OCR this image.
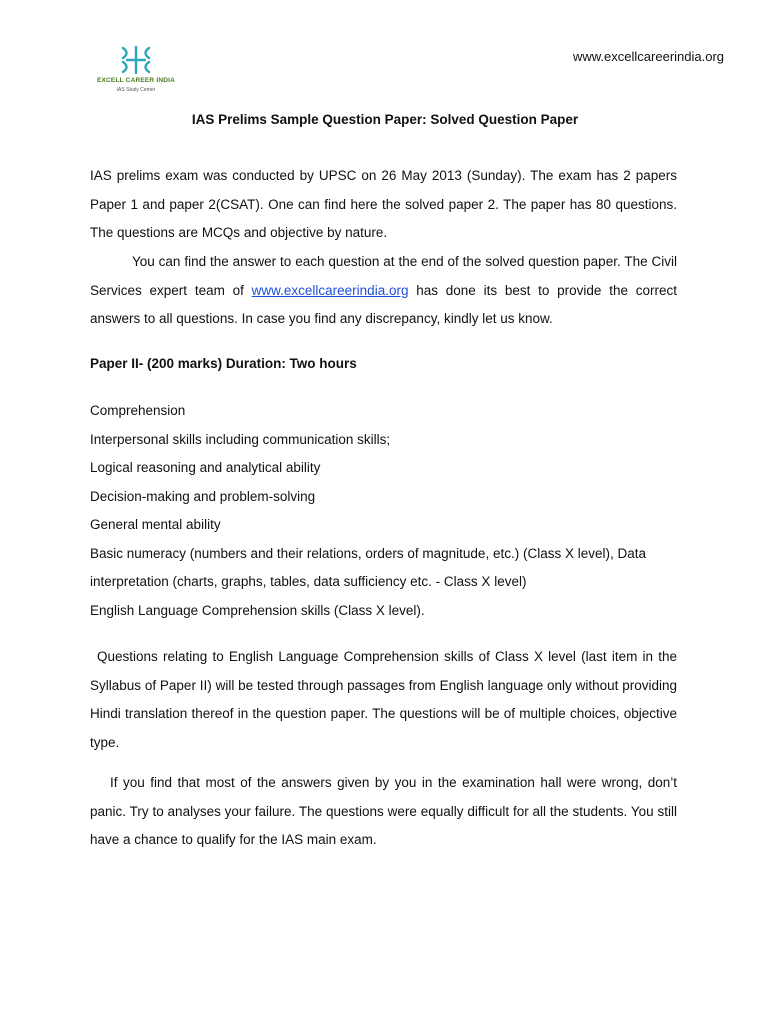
EXCELL CAREER INDIA
IAS Study Center
www.excellcareerindia.org
IAS Prelims Sample Question Paper: Solved Question Paper

IAS prelims exam was conducted by UPSC on 26 May 2013 (Sunday). The exam has 2 papers Paper 1 and paper 2(CSAT). One can find here the solved paper 2. The paper has 80 questions. The questions are MCQs and objective by nature.

You can find the answer to each question at the end of the solved question paper. The Civil Services expert team of www.excellcareerindia.org has done its best to provide the correct answers to all questions. In case you find any discrepancy, kindly let us know.

Paper II- (200 marks) Duration: Two hours
Comprehension
Interpersonal skills including communication skills;
Logical reasoning and analytical ability
Decision-making and problem-solving
General mental ability
Basic numeracy (numbers and their relations, orders of magnitude, etc.) (Class X level), Data interpretation (charts, graphs, tables, data sufficiency etc. - Class X level)
English Language Comprehension skills (Class X level).

Questions relating to English Language Comprehension skills of Class X level (last item in the Syllabus of Paper II) will be tested through passages from English language only without providing Hindi translation thereof in the question paper. The questions will be of multiple choices, objective type.

If you find that most of the answers given by you in the examination hall were wrong, don’t panic. Try to analyses your failure. The questions were equally difficult for all the students. You still have a chance to qualify for the IAS main exam.
